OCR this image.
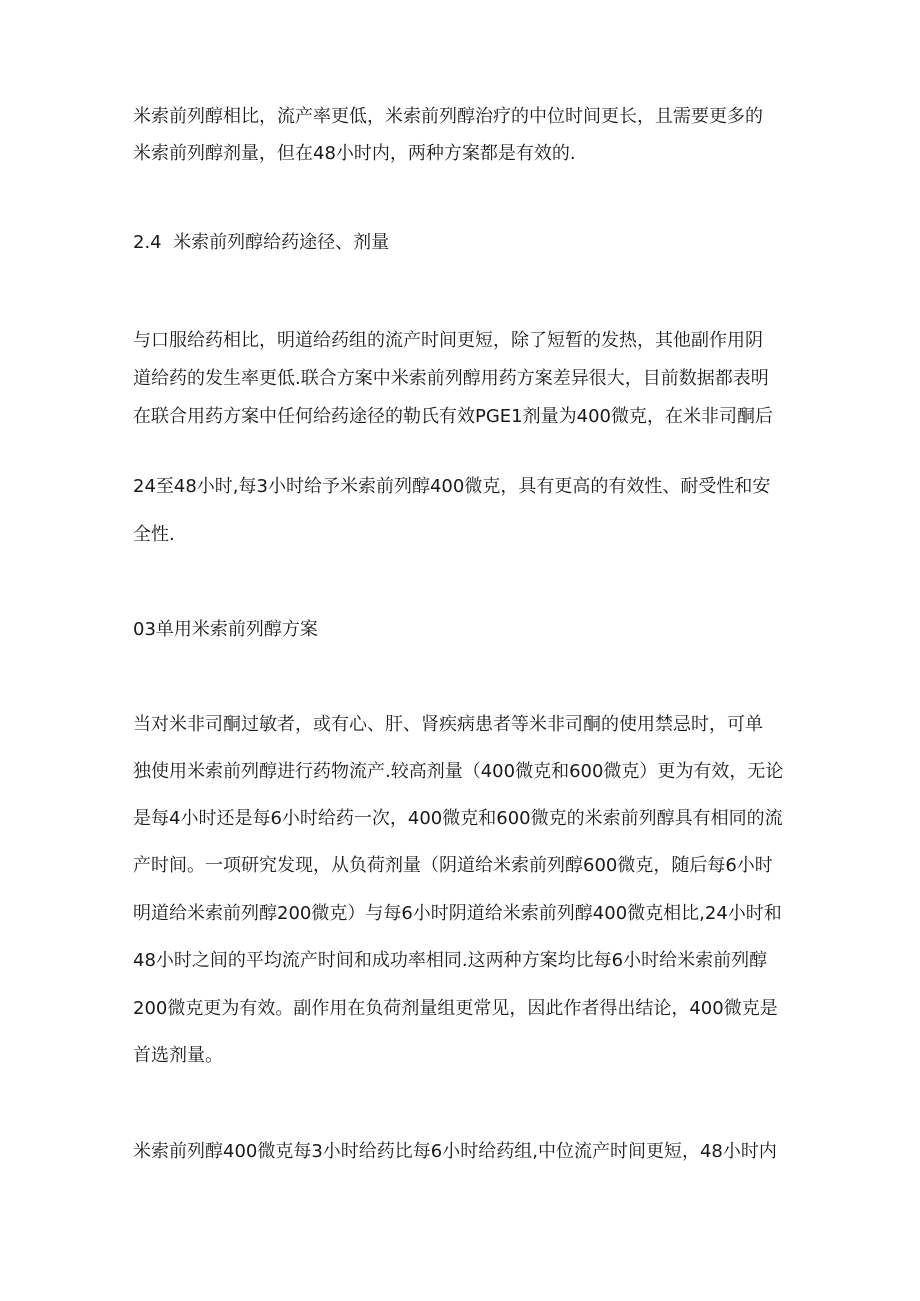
米索前列醇相比，流产率更低，米索前列醇治疗的中位时间更长，且需要更多的
米索前列醇剂量，但在48小时内，两种方案都是有效的.
2.4  米索前列醇给药途径、剂量
与口服给药相比，明道给药组的流产时间更短，除了短暂的发热，其他副作用阴
道给药的发生率更低.联合方案中米索前列醇用药方案差异很大，目前数据都表明
在联合用药方案中任何给药途径的勒氏有效PGE1剂量为400微克，在米非司酮后
24至48小时,每3小时给予米索前列醇400微克，具有更高的有效性、耐受性和安
全性.
03单用米索前列醇方案
当对米非司酮过敏者，或有心、肝、肾疾病患者等米非司酮的使用禁忌时，可单
独使用米索前列醇进行药物流产.较高剂量（400微克和600微克）更为有效，无论
是每4小时还是每6小时给药一次，400微克和600微克的米索前列醇具有相同的流
产时间。一项研究发现，从负荷剂量（阴道给米索前列醇600微克，随后每6小时
明道给米索前列醇200微克）与每6小时阴道给米索前列醇400微克相比,24小时和
48小时之间的平均流产时间和成功率相同.这两种方案均比每6小时给米索前列醇
200微克更为有效。副作用在负荷剂量组更常见，因此作者得出结论，400微克是
首选剂量。
米索前列醇400微克每3小时给药比每6小时给药组,中位流产时间更短，48小时内
